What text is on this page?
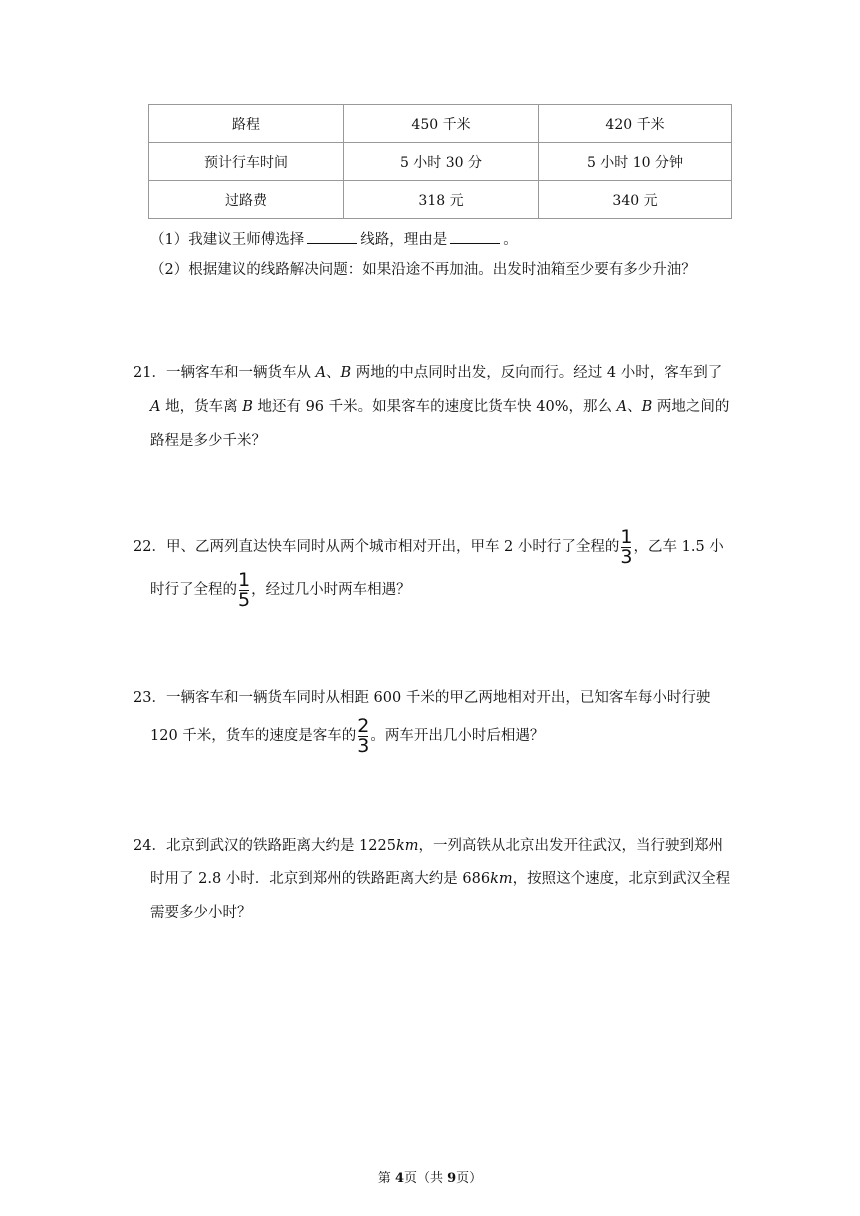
路程	450 千米	420 千米
预计行车时间	5 小时 30 分	5 小时 10 分钟
过路费	318 元	340 元
（1）我建议王师傅选择	线路，理由是	。
（2）根据建议的线路解决问题：如果沿途不再加油。出发时油箱至少要有多少升油？
21．一辆客车和一辆货车从 A、B 两地的中点同时出发，反向而行。经过 4 小时，客车到了
A 地，货车离 B 地还有 96 千米。如果客车的速度比货车快 40%，那么 A、B 两地之间的
路程是多少千米？
22．甲、乙两列直达快车同时从两个城市相对开出，甲车 2 小时行了全程的 $\frac{1}{3}$ ，乙车 1.5 小
时行了全程的 $\frac{1}{5}$ ，经过几小时两车相遇？
23．一辆客车和一辆货车同时从相距 600 千米的甲乙两地相对开出，已知客车每小时行驶
120 千米，货车的速度是客车的 $\frac{2}{3}$ 。两车开出几小时后相遇？
24．北京到武汉的铁路距离大约是 1225km，一列高铁从北京出发开往武汉，当行驶到郑州
时用了 2.8 小时．北京到郑州的铁路距离大约是 686km，按照这个速度，北京到武汉全程
需要多少小时？
第 4页（共 9页）
